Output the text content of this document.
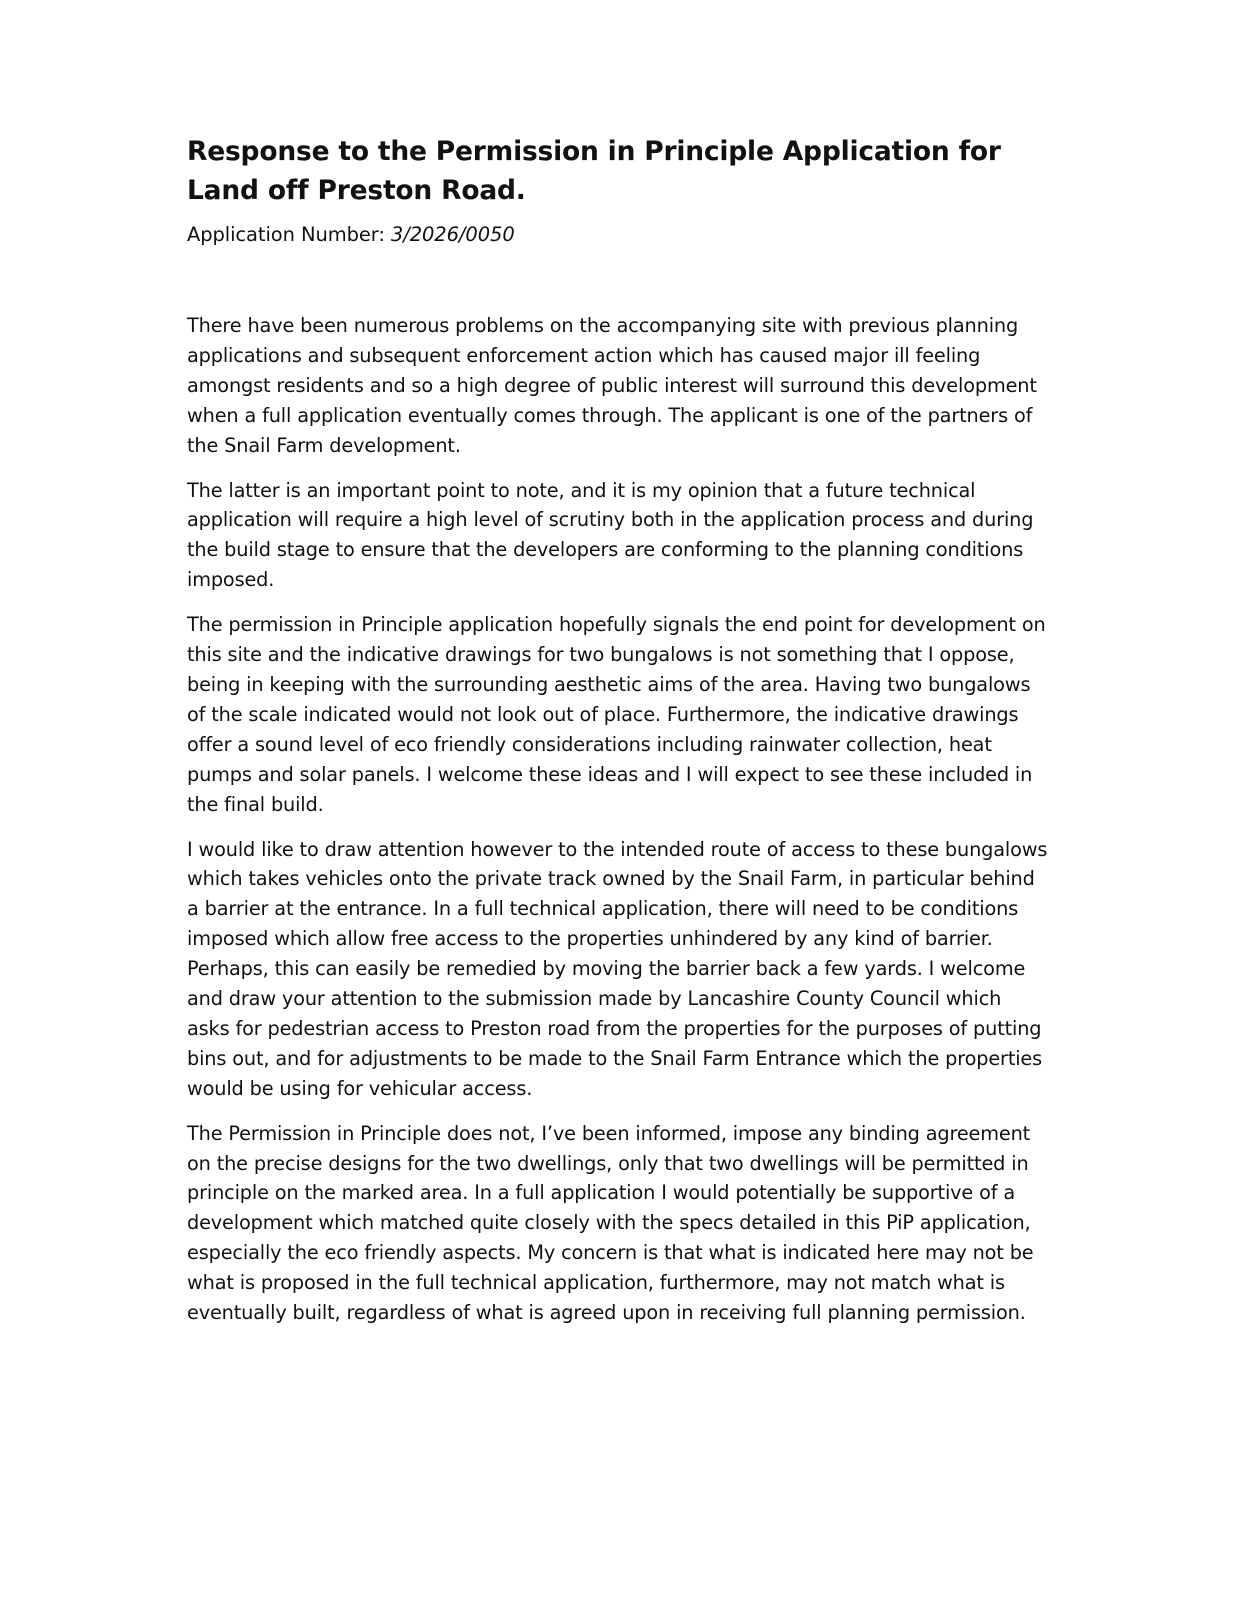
Response to the Permission in Principle Application for Land off Preston Road.

Application Number: 3/2026/0050

There have been numerous problems on the accompanying site with previous planning applications and subsequent enforcement action which has caused major ill feeling amongst residents and so a high degree of public interest will surround this development when a full application eventually comes through. The applicant is one of the partners of the Snail Farm development.

The latter is an important point to note, and it is my opinion that a future technical application will require a high level of scrutiny both in the application process and during the build stage to ensure that the developers are conforming to the planning conditions imposed.

The permission in Principle application hopefully signals the end point for development on this site and the indicative drawings for two bungalows is not something that I oppose, being in keeping with the surrounding aesthetic aims of the area. Having two bungalows of the scale indicated would not look out of place. Furthermore, the indicative drawings offer a sound level of eco friendly considerations including rainwater collection, heat pumps and solar panels. I welcome these ideas and I will expect to see these included in the final build.

I would like to draw attention however to the intended route of access to these bungalows which takes vehicles onto the private track owned by the Snail Farm, in particular behind a barrier at the entrance. In a full technical application, there will need to be conditions imposed which allow free access to the properties unhindered by any kind of barrier. Perhaps, this can easily be remedied by moving the barrier back a few yards. I welcome and draw your attention to the submission made by Lancashire County Council which asks for pedestrian access to Preston road from the properties for the purposes of putting bins out, and for adjustments to be made to the Snail Farm Entrance which the properties would be using for vehicular access.

The Permission in Principle does not, I’ve been informed, impose any binding agreement on the precise designs for the two dwellings, only that two dwellings will be permitted in principle on the marked area. In a full application I would potentially be supportive of a development which matched quite closely with the specs detailed in this PiP application, especially the eco friendly aspects. My concern is that what is indicated here may not be what is proposed in the full technical application, furthermore, may not match what is eventually built, regardless of what is agreed upon in receiving full planning permission.
